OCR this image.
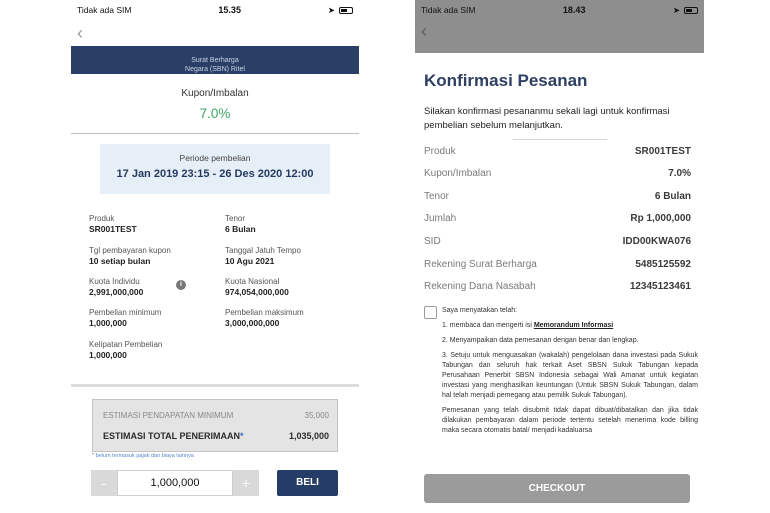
Tidak ada SIM	15.35	➤
‹
Surat Berharga
Negara (SBN) Ritel
Kupon/Imbalan
7.0%
Periode pembelian
17 Jan 2019 23:15 - 26 Des 2020 12:00
Produk
SR001TEST
Tenor
6 Bulan
Tgl pembayaran kupon
10 setiap bulan
Tanggal Jatuh Tempo
10 Agu 2021
Kuota Individu
2,991,000,000
i	Kuota Nasional
974,054,000,000
Pembelian minimum
1,000,000
Pembelian maksimum
3,000,000,000
Kelipatan Pembelian
1,000,000
ESTIMASI PENDAPATAN MINIMUM	35,000
ESTIMASI TOTAL PENERIMAAN*	1,035,000
* belum termasuk pajak dan biaya lainnya
-	1,000,000	+	BELI
Tidak ada SIM	18.43	➤
‹
Konfirmasi Pesanan
Silakan konfirmasi pesananmu sekali lagi untuk konfirmasi pembelian sebelum melanjutkan.
Produk	SR001TEST
Kupon/Imbalan	7.0%
Tenor	6 Bulan
Jumlah	Rp 1,000,000
SID	IDD00KWA076
Rekening Surat Berharga	5485125592
Rekening Dana Nasabah	12345123461

Saya menyatakan telah:

1. membaca dan mengerti isi Memorandum Informasi

2. Menyampaikan data pemesanan dengan benar dan lengkap.

3. Setuju untuk menguasakan (wakalah) pengelolaan dana investasi pada Sukuk Tabungan dan seluruh hak terkait Aset SBSN Sukuk Tabungan kepada Perusahaan Penerbit SBSN Indonesia sebagai Wali Amanat untuk kegiatan investasi yang menghasilkan keuntungan (Untuk SBSN Sukuk Tabungan, dalam hal telah menjadi pemegang atau pemilik Sukuk Tabungan).

Pemesanan yang telah disubmit tidak dapat dibuat/dibatalkan dan jika tidak dilakukan pembayaran dalam periode tertentu setelah menerima kode billing maka secara otomatis batal/ menjadi kadaluarsa

CHECKOUT
